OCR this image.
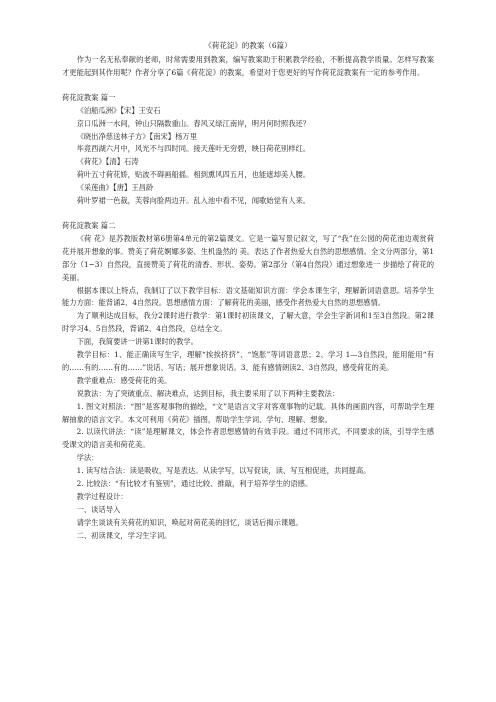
《荷花淀》的教案（6篇）

作为一名无私奉献的老师，时常需要用到教案，编写教案助于积累教学经验，不断提高教学质量。怎样写教案才更能起到其作用呢？作者分享了6篇《荷花淀》的教案，希望对于您更好的写作荷花淀教案有一定的参考作用。

荷花淀教案 篇一

《泊船瓜洲》【宋】王安石

京口瓜洲一水间，钟山只隔数重山。春风又绿江南岸，明月何时照我还？

《晓出净慈送林子方》【南宋】杨万里

毕竟西湖六月中，风光不与四时同。接天莲叶无穷碧，映日荷花别样红。

《荷花》【清】石涛

荷叶五寸荷花娇，贴波不碍画船摇。相到熏风四五月，也能遮却美人腰。

《采莲曲》【唐】王昌龄

荷叶罗裙一色裁，芙蓉向脸两边开。乱入池中看不见，闻歌始觉有人来。

荷花淀教案 篇二

《荷 花》是苏教版教材第6册第4单元的第2篇课文。它是一篇写景记叙文，写了“我”在公园的荷花池边观赏荷花并展开想象的事。赞美了荷花婀娜多姿、生机盎然的 美。表达了作者热爱大自然的思想感情。全文分两部分，第1部分（1~3）自然段，直接赞美了荷花的清香、形状、姿势。第2部分（第4自然段）通过想象进一 步描绘了荷花的美丽。

根据本课以上特点，我制订了以下教学目标：语文基础知识方面：学会本课生字，理解新词语意思。培养学生能力方面：能背诵2、4自然段。思想感情方面：了解荷花的美丽，感受作者热爱大自然的思想感情。

为了顺利达成目标，我分2课时进行教学：第1课时初读课文，了解大意，学会生字新词和1至3自然段。第2课时学习4、5自然段，背诵2、4自然段，总结全文。

下面，我简要讲一讲第1课时的教学。

教学目标：1、能正确读写生字，理解“挨挨挤挤”、“饱胀”等词语意思；2、学习 1—3自然段，能用能用“有的……有的……有的……”说话、写话；展开想象说话。3、能有感情朗读2、3自然段，感受荷花的美。

教学重难点：感受荷花的美。

说教法：为了突破重点、解决难点，达到目标，我主要采用了以下两种主要教法：

1. 图文对照法：“图”是客观事物的描绘，“文”是语言文字对客观事物的记载。具体的画面内容，可帮助学生理解抽象的语言文字。本文可利用《荷花》插图，帮助学生学词、学句、理解、想象。

2. 以读代讲法：“读”是理解课文，体会作者思想感情的有效手段。通过不同形式，不同要求的读，引导学生感受课文的语言美和荷花美。

学法：

1. 读写结合法：读是吸收，写是表达。从读学写，以写促读，读、写互相促进，共同提高。

2. 比较法：“有比较才有鉴别”，通过比较、推敲，利于培养学生的语感。

教学过程设计：

一、谈话导入

请学生谈谈有关荷花的知识，唤起对荷花美的回忆，谈话后揭示课题。

二、初读课文，学习生字词。
